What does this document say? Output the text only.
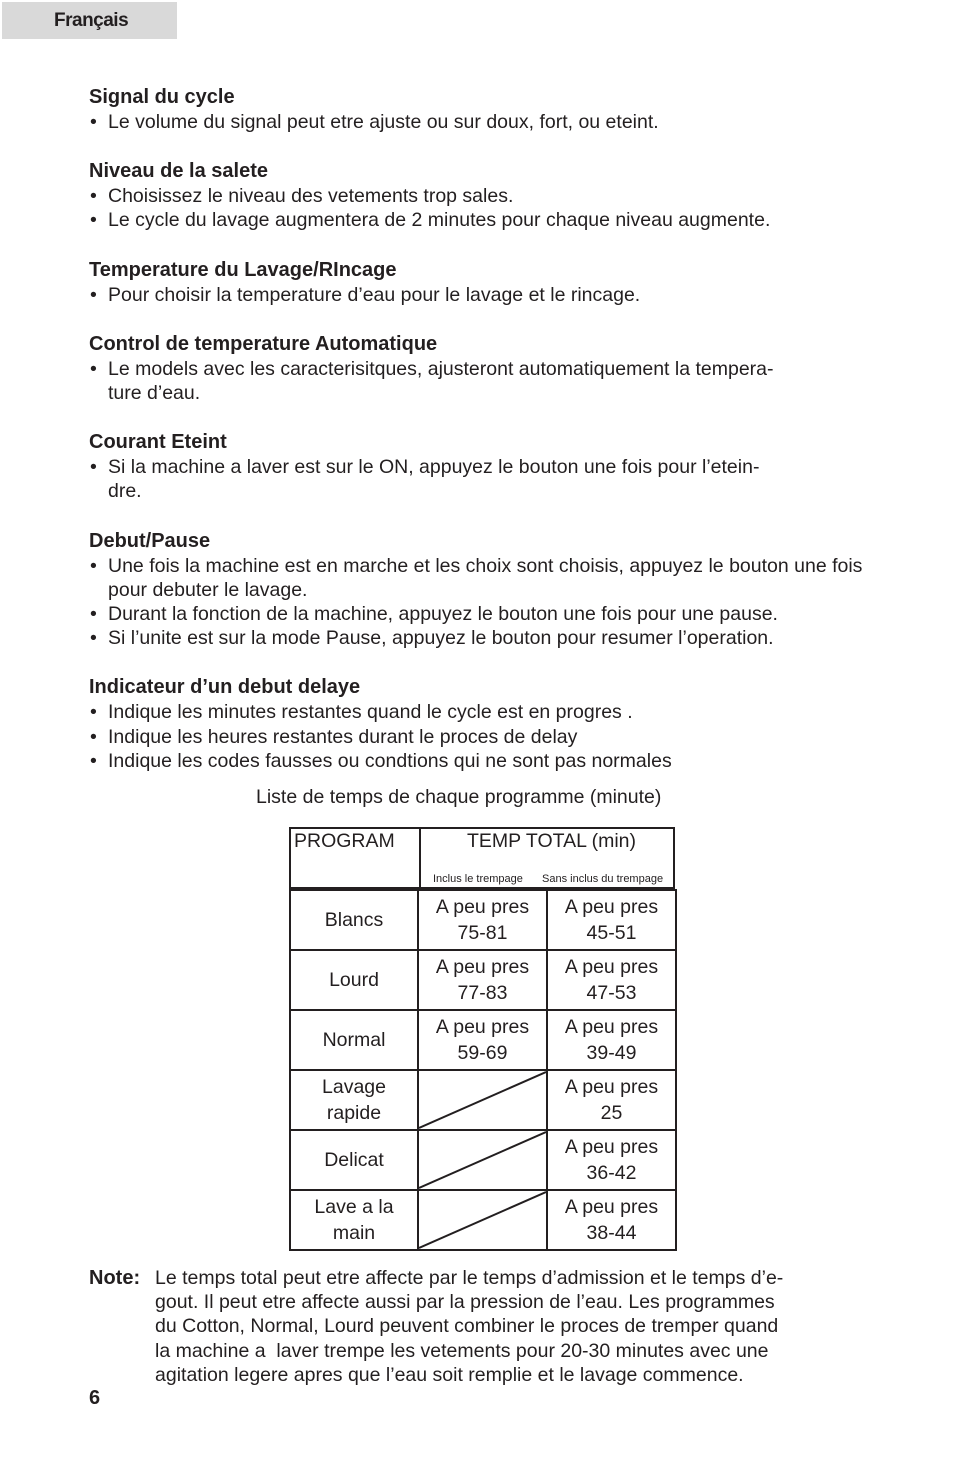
Français
Signal du cycle
• Le volume du signal peut etre ajuste ou sur doux, fort, ou eteint.
Niveau de la salete
• Choisissez le niveau des vetements trop sales.
• Le cycle du lavage augmentera de 2 minutes pour chaque niveau augmente.
Temperature du Lavage/RIncage
• Pour choisir la temperature d’eau pour le lavage et le rincage.
Control de temperature Automatique
• Le models avec les caracterisitques, ajusteront automatiquement la tempera-
ture d’eau.
Courant Eteint
• Si la machine a laver est sur le ON, appuyez le bouton une fois pour l’etein-
dre.
Debut/Pause
• Une fois la machine est en marche et les choix sont choisis, appuyez le bouton une fois pour debuter le lavage.
• Durant la fonction de la machine, appuyez le bouton une fois pour une pause.
• Si l’unite est sur la mode Pause, appuyez le bouton pour resumer l’operation.
Indicateur d’un debut delaye
• Indique les minutes restantes quand le cycle est en progres .
• Indique les heures restantes durant le proces de delay
• Indique les codes fausses ou condtions qui ne sont pas normales
Liste de temps de chaque programme (minute)
PROGRAM	TEMP TOTAL (min)
Inclus le trempage Sans inclus du trempage
Blancs
A peu pres
75-81
A peu pres
45-51
Lourd
A peu pres
77-83
A peu pres
47-53
Normal
A peu pres
59-69
A peu pres
39-49
Lavage
rapide
A peu pres
25
Delicat
A peu pres
36-42
Lave a la
main
A peu pres
38-44
Note: Le temps total peut etre affecte par le temps d’admission et le temps d’e-
gout. Il peut etre affecte aussi par la pression de l’eau. Les programmes
du Cotton, Normal, Lourd peuvent combiner le proces de tremper quand
la machine a  laver trempe les vetements pour 20-30 minutes avec une
agitation legere apres que l’eau soit remplie et le lavage commence.
6
